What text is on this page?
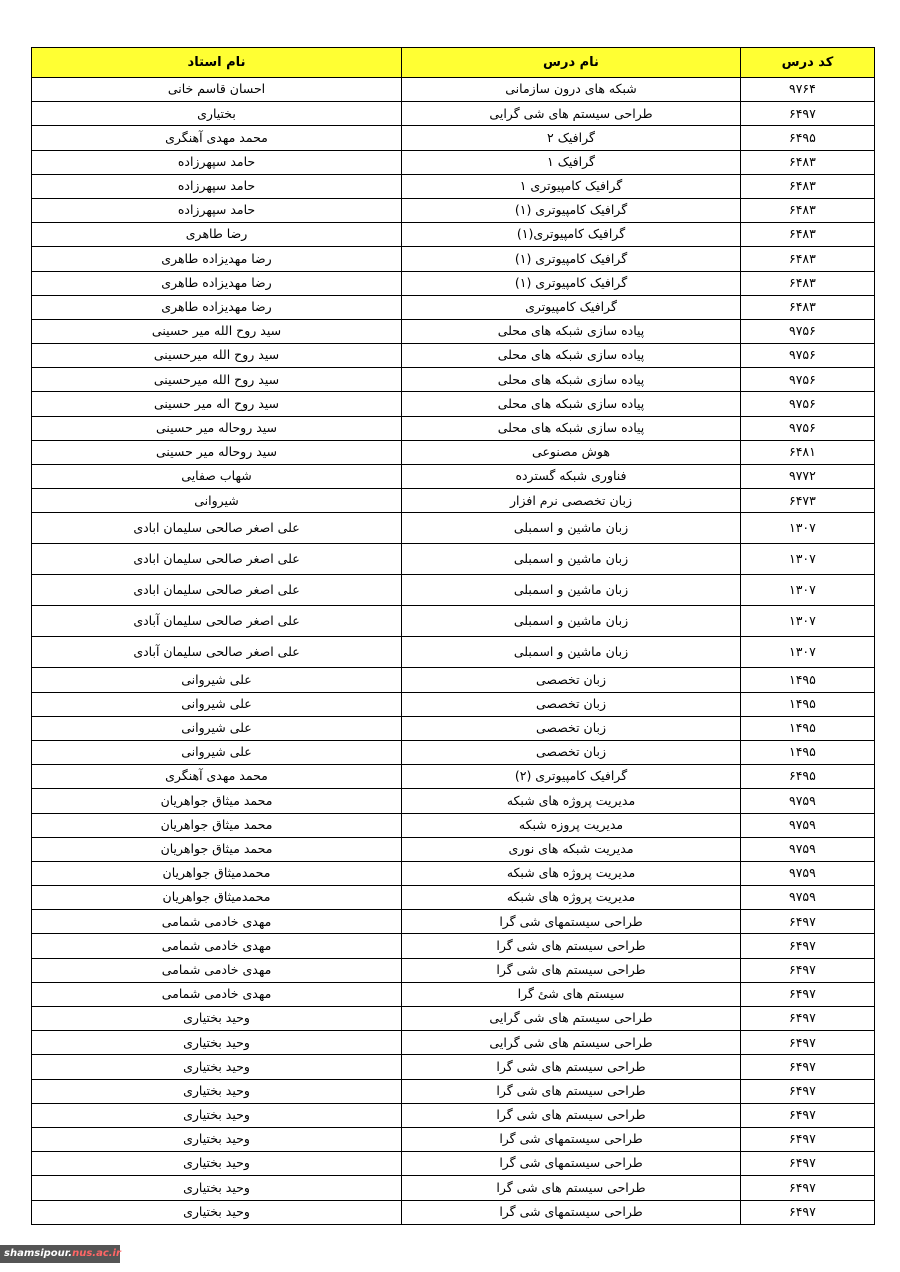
نام استاد	نام درس	کد درس
احسان قاسم خانی	شبکه های درون سازمانی	۹۷۶۴
بختیاری	طراحی سیستم های شی گرایی	۶۴۹۷
محمد مهدی آهنگری	گرافیک ۲	۶۴۹۵
حامد سپهرزاده	گرافیک ۱	۶۴۸۳
حامد سپهرزاده	گرافیک کامپیوتری ۱	۶۴۸۳
حامد سپهرزاده	گرافیک کامپیوتری (۱)	۶۴۸۳
رضا طاهری	گرافیک کامپیوتری(۱)	۶۴۸۳
رضا مهدیزاده طاهری	گرافیک کامپیوتری (۱)	۶۴۸۳
رضا مهدیزاده طاهری	گرافیک کامپیوتری (۱)	۶۴۸۳
رضا مهدیزاده طاهری	گرافیک کامپیوتری	۶۴۸۳
سید روح الله میر حسینی	پیاده سازی شبکه های محلی	۹۷۵۶
سید روح الله میرحسینی	پیاده سازی شبکه های محلی	۹۷۵۶
سید روح الله میرحسینی	پیاده سازی شبکه های محلی	۹۷۵۶
سید روح اله میر حسینی	پیاده سازی شبکه های محلی	۹۷۵۶
سید روحاله میر حسینی	پیاده سازی شبکه های محلی	۹۷۵۶
سید روحاله میر حسینی	هوش مصنوعی	۶۴۸۱
شهاب صفایی	فناوری شبکه گسترده	۹۷۷۲
شیروانی	زبان تخصصی نرم افزار	۶۴۷۳
علی اصغر صالحی سلیمان ابادی	زبان ماشین و اسمبلی	۱۳۰۷
علی اصغر صالحی سلیمان ابادی	زبان ماشین و اسمبلی	۱۳۰۷
علی اصغر صالحی سلیمان ابادی	زبان ماشین و اسمبلی	۱۳۰۷
علی اصغر صالحی سلیمان آبادی	زبان ماشین و اسمبلی	۱۳۰۷
علی اصغر صالحی سلیمان آبادی	زبان ماشین و اسمبلی	۱۳۰۷
علی شیروانی	زبان تخصصی	۱۴۹۵
علی شیروانی	زبان تخصصی	۱۴۹۵
علی شیروانی	زبان تخصصی	۱۴۹۵
علی شیروانی	زبان تخصصی	۱۴۹۵
محمد مهدی آهنگری	گرافیک کامپیوتری (۲)	۶۴۹۵
محمد میثاق جواهریان	مدیریت پروژه های شبکه	۹۷۵۹
محمد میثاق جواهریان	مدیریت پروزه شبکه	۹۷۵۹
محمد میثاق جواهریان	مدیریت شبکه های نوری	۹۷۵۹
محمدمیثاق جواهریان	مدیریت پروژه های شبکه	۹۷۵۹
محمدمیثاق جواهریان	مدیریت پروژه های شبکه	۹۷۵۹
مهدی خادمی شمامی	طراحی سیستمهای شی گرا	۶۴۹۷
مهدی خادمی شمامی	طراحی سیستم های شی گرا	۶۴۹۷
مهدی خادمی شمامی	طراحی سیستم های شی گرا	۶۴۹۷
مهدی خادمی شمامی	سیستم های شئ گرا	۶۴۹۷
وحید بختیاری	طراحی سیستم های شی گرایی	۶۴۹۷
وحید بختیاری	طراحی سیستم های شی گرایی	۶۴۹۷
وحید بختیاری	طراحی سیستم های شی گرا	۶۴۹۷
وحید بختیاری	طراحی سیستم های شی گرا	۶۴۹۷
وحید بختیاری	طراحی سیستم های شی گرا	۶۴۹۷
وحید بختیاری	طراحی سیستمهای شی گرا	۶۴۹۷
وحید بختیاری	طراحی سیستمهای شی گرا	۶۴۹۷
وحید بختیاری	طراحی سیستم های شی گرا	۶۴۹۷
وحید بختیاری	طراحی سیستمهای شی گرا	۶۴۹۷
shamsipour.nus.ac.ir
